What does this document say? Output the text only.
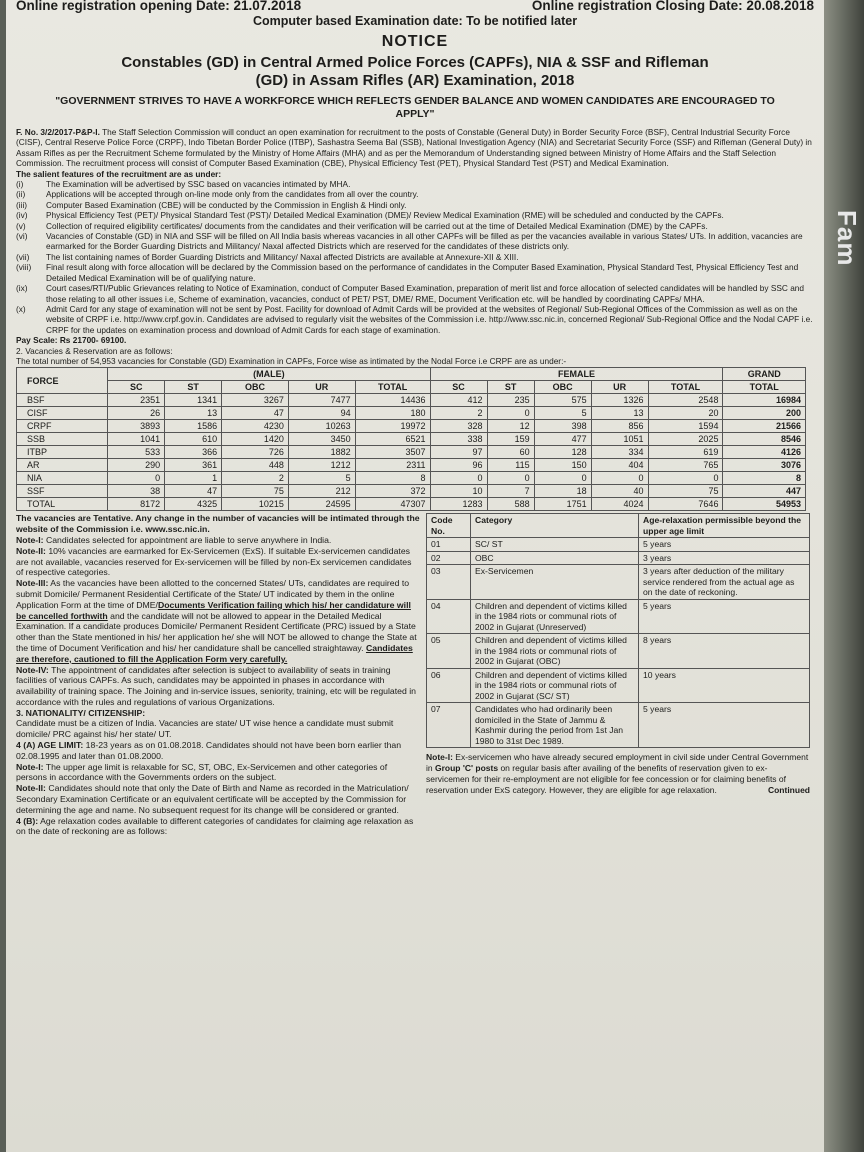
Online registration opening Date: 21.07.2018	Online registration Closing Date: 20.08.2018
Computer based Examination date: To be notified later
NOTICE
Constables (GD) in Central Armed Police Forces (CAPFs), NIA & SSF and Rifleman
(GD) in Assam Rifles (AR) Examination, 2018
"GOVERNMENT STRIVES TO HAVE A WORKFORCE WHICH REFLECTS GENDER BALANCE AND WOMEN CANDIDATES ARE ENCOURAGED TO APPLY"
F. No. 3/2/2017-P&P-I. The Staff Selection Commission will conduct an open examination for recruitment to the posts of Constable (General Duty) in Border Security Force (BSF), Central Industrial Security Force (CISF), Central Reserve Police Force (CRPF), Indo Tibetan Border Police (ITBP), Sashastra Seema Bal (SSB), National Investigation Agency (NIA) and Secretariat Security Force (SSF) and Rifleman (General Duty) in Assam Rifles as per the Recruitment Scheme formulated by the Ministry of Home Affairs (MHA) and as per the Memorandum of Understanding signed between Ministry of Home Affairs and the Staff Selection Commission. The recruitment process will consist of Computer Based Examination (CBE), Physical Efficiency Test (PET), Physical Standard Test (PST) and Medical Examination.
The salient features of the recruitment are as under:
(i)	The Examination will be advertised by SSC based on vacancies intimated by MHA.
(ii)	Applications will be accepted through on-line mode only from the candidates from all over the country.
(iii)	Computer Based Examination (CBE) will be conducted by the Commission in English & Hindi only.
(iv)	Physical Efficiency Test (PET)/ Physical Standard Test (PST)/ Detailed Medical Examination (DME)/ Review Medical Examination (RME) will be scheduled and conducted by the CAPFs.
(v)	Collection of required eligibility certificates/ documents from the candidates and their verification will be carried out at the time of Detailed Medical Examination (DME) by the CAPFs.
(vi)	Vacancies of Constable (GD) in NIA and SSF will be filled on All India basis whereas vacancies in all other CAPFs will be filled as per the vacancies available in various States/ UTs. In addition, vacancies are earmarked for the Border Guarding Districts and Militancy/ Naxal affected Districts which are reserved for the candidates of these districts only.
(vii)	The list containing names of Border Guarding Districts and Militancy/ Naxal affected Districts are available at Annexure-XII & XIII.
(viii)	Final result along with force allocation will be declared by the Commission based on the performance of candidates in the Computer Based Examination, Physical Standard Test, Physical Efficiency Test and Detailed Medical Examination will be of qualifying nature.
(ix)	Court cases/RTI/Public Grievances relating to Notice of Examination, conduct of Computer Based Examination, preparation of merit list and force allocation of selected candidates will be handled by SSC and those relating to all other issues i.e, Scheme of examination, vacancies, conduct of PET/ PST, DME/ RME, Document Verification etc. will be handled by coordinating CAPFs/ MHA.
(x)	Admit Card for any stage of examination will not be sent by Post. Facility for download of Admit Cards will be provided at the websites of Regional/ Sub-Regional Offices of the Commission as well as on the website of CRPF i.e. http://www.crpf.gov.in. Candidates are advised to regularly visit the websites of the Commission i.e. http://www.ssc.nic.in, concerned Regional/ Sub-Regional Office and the Nodal CAPF i.e. CRPF for the updates on examination process and download of Admit Cards for each stage of examination.
Pay Scale: Rs 21700- 69100.
2. Vacancies & Reservation are as follows:
The total number of 54,953 vacancies for Constable (GD) Examination in CAPFs, Force wise as intimated by the Nodal Force i.e CRPF are as under:-
FORCE	(MALE)					FEMALE					GRAND
	SC	ST	OBC	UR	TOTAL	SC	ST	OBC	UR	TOTAL	TOTAL
BSF	2351	1341	3267	7477	14436	412	235	575	1326	2548	16984
CISF	26	13	47	94	180	2	0	5	13	20	200
CRPF	3893	1586	4230	10263	19972	328	12	398	856	1594	21566
SSB	1041	610	1420	3450	6521	338	159	477	1051	2025	8546
ITBP	533	366	726	1882	3507	97	60	128	334	619	4126
AR	290	361	448	1212	2311	96	115	150	404	765	3076
NIA	0	1	2	5	8	0	0	0	0	0	8
SSF	38	47	75	212	372	10	7	18	40	75	447
TOTAL	8172	4325	10215	24595	47307	1283	588	1751	4024	7646	54953
The vacancies are Tentative. Any change in the number of vacancies will be intimated through the website of the Commission i.e. www.ssc.nic.in.
Note-I: Candidates selected for appointment are liable to serve anywhere in India.
Note-II: 10% vacancies are earmarked for Ex-Servicemen (ExS). If suitable Ex-servicemen candidates are not available, vacancies reserved for Ex-servicemen will be filled by non-Ex servicemen candidates of respective categories.
Note-III: As the vacancies have been allotted to the concerned States/ UTs, candidates are required to submit Domicile/ Permanent Residential Certificate of the State/ UT indicated by them in the online Application Form at the time of DME/Documents Verification failing which his/ her candidature will be cancelled forthwith and the candidate will not be allowed to appear in the Detailed Medical Examination. If a candidate produces Domicile/ Permanent Resident Certificate (PRC) issued by a State other than the State mentioned in his/ her application he/ she will NOT be allowed to change the State at the time of Document Verification and his/ her candidature shall be cancelled straightaway. Candidates are therefore, cautioned to fill the Application Form very carefully.
Note-IV: The appointment of candidates after selection is subject to availability of seats in training facilities of various CAPFs. As such, candidates may be appointed in phases in accordance with availability of training space. The Joining and in-service issues, seniority, training, etc will be regulated in accordance with the rules and regulations of various Organizations.
3. NATIONALITY/ CITIZENSHIP:
Candidate must be a citizen of India. Vacancies are state/ UT wise hence a candidate must submit domicile/ PRC against his/ her state/ UT.
4 (A) AGE LIMIT: 18-23 years as on 01.08.2018. Candidates should not have been born earlier than 02.08.1995 and later than 01.08.2000.
Note-I: The upper age limit is relaxable for SC, ST, OBC, Ex-Servicemen and other categories of persons in accordance with the Governments orders on the subject.
Note-II: Candidates should note that only the Date of Birth and Name as recorded in the Matriculation/ Secondary Examination Certificate or an equivalent certificate will be accepted by the Commission for determining the age and name. No subsequent request for its change will be considered or granted.
4 (B): Age relaxation codes available to different categories of candidates for claiming age relaxation as on the date of reckoning are as follows:
Code No.	Category	Age-relaxation permissible beyond the upper age limit
01	SC/ ST	5 years
02	OBC	3 years
03	Ex-Servicemen	3 years after deduction of the military service rendered from the actual age as on the date of reckoning.
04	Children and dependent of victims killed in the 1984 riots or communal riots of 2002 in Gujarat (Unreserved)	5 years
05	Children and dependent of victims killed in the 1984 riots or communal riots of 2002 in Gujarat (OBC)	8 years
06	Children and dependent of victims killed in the 1984 riots or communal riots of 2002 in Gujarat (SC/ ST)	10 years
07	Candidates who had ordinarily been domiciled in the State of Jammu & Kashmir during the period from 1st Jan 1980 to 31st Dec 1989.	5 years
Note-I: Ex-servicemen who have already secured employment in civil side under Central Government in Group 'C' posts on regular basis after availing of the benefits of reservation given to ex-servicemen for their re-employment are not eligible for fee concession or for claiming benefits of reservation under ExS category. However, they are eligible for age relaxation.	Continued
Fam
